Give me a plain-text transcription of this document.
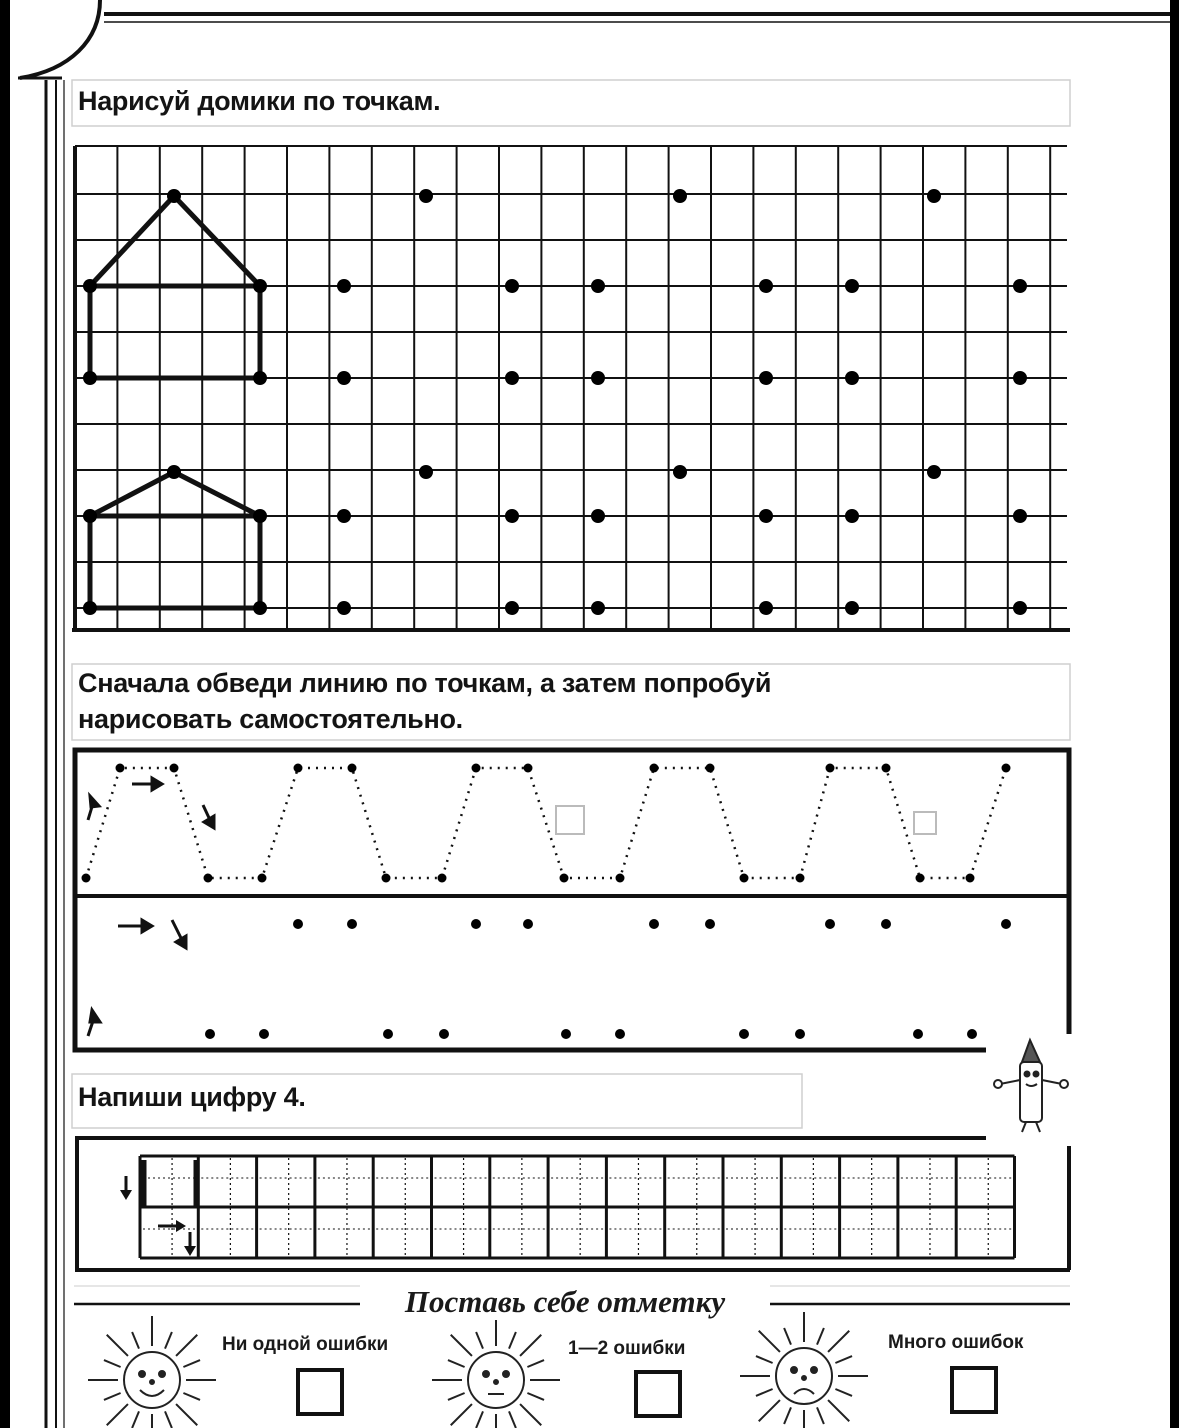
Нарисуй домики по точкам.
Сначала обведи линию по точкам, а затем попробуй
нарисовать самостоятельно.
Напиши цифру 4.
Поставь себе отметку
Ни одной ошибки	1—2 ошибки	Много ошибок
